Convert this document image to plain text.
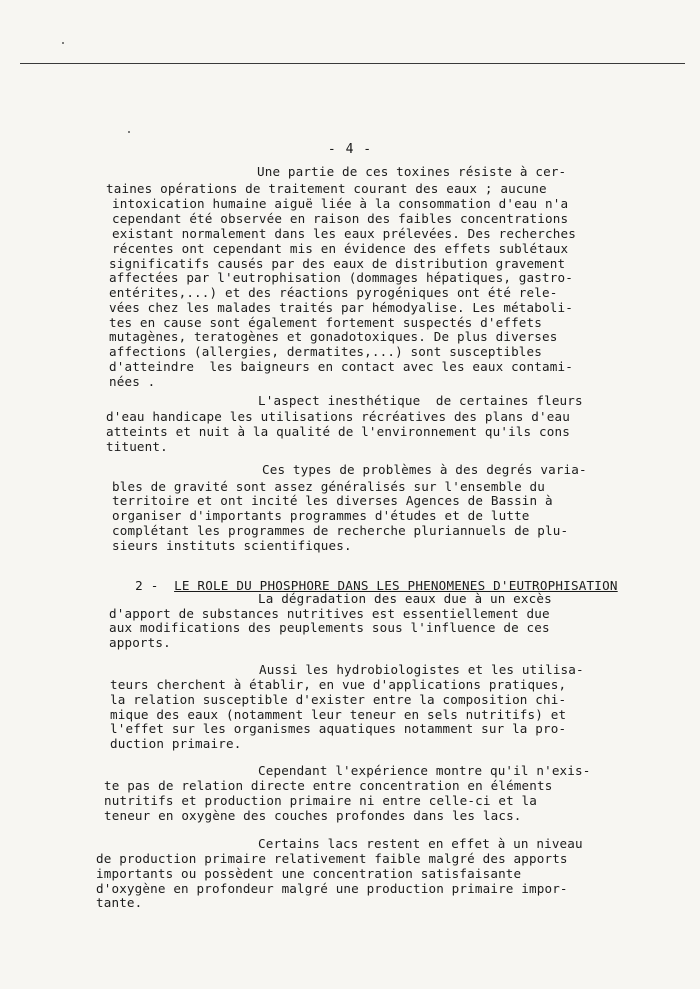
- 4 -
Une partie de ces toxines résiste à cer-
taines opérations de traitement courant des eaux ; aucune
intoxication humaine aiguë liée à la consommation d'eau n'a
cependant été observée en raison des faibles concentrations
existant normalement dans les eaux prélevées. Des recherches
récentes ont cependant mis en évidence des effets sublétaux
significatifs causés par des eaux de distribution gravement
affectées par l'eutrophisation (dommages hépatiques, gastro-
entérites,...) et des réactions pyrogéniques ont été rele-
vées chez les malades traités par hémodyalise. Les métaboli-
tes en cause sont également fortement suspectés d'effets
mutagènes, teratogènes et gonadotoxiques. De plus diverses
affections (allergies, dermatites,...) sont susceptibles
d'atteindre  les baigneurs en contact avec les eaux contami-
nées .
L'aspect inesthétique  de certaines fleurs
d'eau handicape les utilisations récréatives des plans d'eau
atteints et nuit à la qualité de l'environnement qu'ils cons
tituent.
Ces types de problèmes à des degrés varia-
bles de gravité sont assez généralisés sur l'ensemble du
territoire et ont incité les diverses Agences de Bassin à
organiser d'importants programmes d'études et de lutte
complétant les programmes de recherche pluriannuels de plu-
sieurs instituts scientifiques.

2 - LE ROLE DU PHOSPHORE DANS LES PHENOMENES D'EUTROPHISATION

La dégradation des eaux due à un excès
d'apport de substances nutritives est essentiellement due
aux modifications des peuplements sous l'influence de ces
apports.
Aussi les hydrobiologistes et les utilisa-
teurs cherchent à établir, en vue d'applications pratiques,
la relation susceptible d'exister entre la composition chi-
mique des eaux (notamment leur teneur en sels nutritifs) et
l'effet sur les organismes aquatiques notamment sur la pro-
duction primaire.
Cependant l'expérience montre qu'il n'exis-
te pas de relation directe entre concentration en éléments
nutritifs et production primaire ni entre celle-ci et la
teneur en oxygène des couches profondes dans les lacs.
Certains lacs restent en effet à un niveau
de production primaire relativement faible malgré des apports
importants ou possèdent une concentration satisfaisante
d'oxygène en profondeur malgré une production primaire impor-
tante.
